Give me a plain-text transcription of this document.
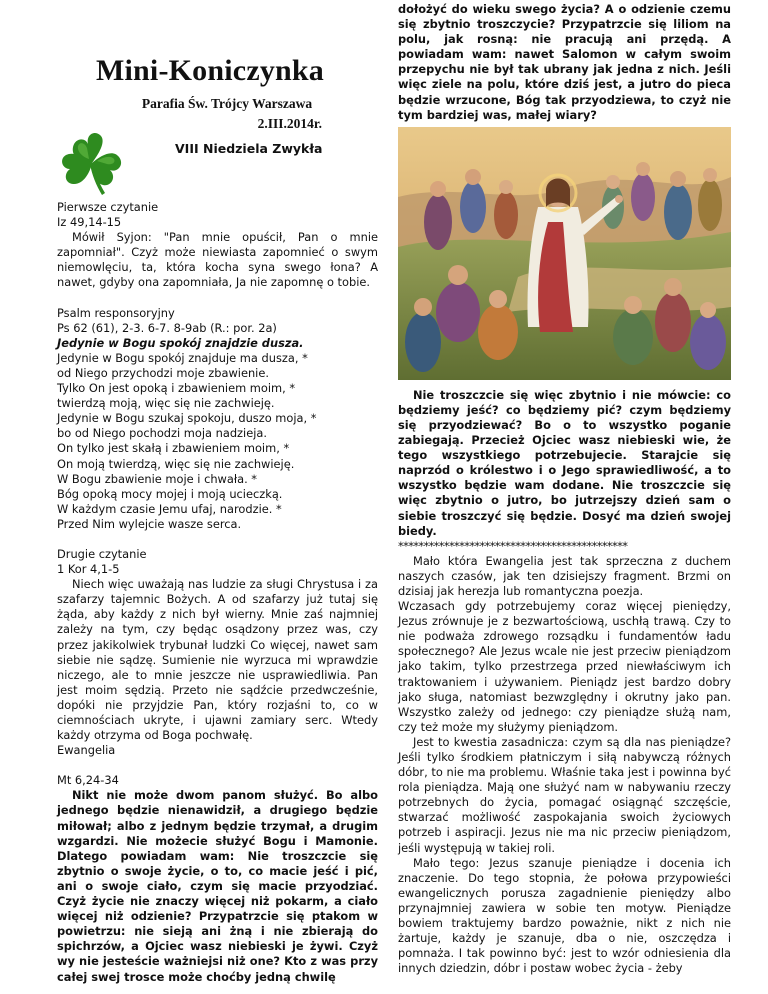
Mini-Koniczynka
Parafia Św. Trójcy Warszawa
2.III.2014r.
VIII Niedziela Zwykła

Pierwsze czytanie

Iz 49,14-15

Mówił Syjon: "Pan mnie opuścił, Pan o mnie zapomniał". Czyż może niewiasta zapomnieć o swym niemowlęciu, ta, która kocha syna swego łona? A nawet, gdyby ona zapomniała, Ja nie zapomnę o tobie.

Psalm responsoryjny

Ps 62 (61), 2-3. 6-7. 8-9ab (R.: por. 2a)

Jedynie w Bogu spokój znajdzie dusza.

Jedynie w Bogu spokój znajduje ma dusza, *

od Niego przychodzi moje zbawienie.

Tylko On jest opoką i zbawieniem moim, *

twierdzą moją, więc się nie zachwieję.

Jedynie w Bogu szukaj spokoju, duszo moja, *

bo od Niego pochodzi moja nadzieja.

On tylko jest skałą i zbawieniem moim, *

On moją twierdzą, więc się nie zachwieję.

W Bogu zbawienie moje i chwała. *

Bóg opoką mocy mojej i moją ucieczką.

W każdym czasie Jemu ufaj, narodzie. *

Przed Nim wylejcie wasze serca.

Drugie czytanie

1 Kor 4,1-5

Niech więc uważają nas ludzie za sługi Chrystusa i za szafarzy tajemnic Bożych. A od szafarzy już tutaj się żąda, aby każdy z nich był wierny. Mnie zaś najmniej zależy na tym, czy będąc osądzony przez was, czy przez jakikolwiek trybunał ludzki Co więcej, nawet sam siebie nie sądzę. Sumienie nie wyrzuca mi wprawdzie niczego, ale to mnie jeszcze nie usprawiedliwia. Pan jest moim sędzią. Przeto nie sądźcie przedwcześnie, dopóki nie przyjdzie Pan, który rozjaśni to, co w ciemnościach ukryte, i ujawni zamiary serc. Wtedy każdy otrzyma od Boga pochwałę.

Ewangelia

Mt 6,24-34

Nikt nie może dwom panom służyć. Bo albo jednego będzie nienawidził, a drugiego będzie miłował; albo z jednym będzie trzymał, a drugim wzgardzi. Nie możecie służyć Bogu i Mamonie. Dlatego powiadam wam: Nie troszczcie się zbytnio o swoje życie, o to, co macie jeść i pić, ani o swoje ciało, czym się macie przyodziać. Czyż życie nie znaczy więcej niż pokarm, a ciało więcej niż odzienie? Przypatrzcie się ptakom w powietrzu: nie sieją ani żną i nie zbierają do spichrzów, a Ojciec wasz niebieski je żywi. Czyż wy nie jesteście ważniejsi niż one? Kto z was przy całej swej trosce może choćby jedną chwilę

dołożyć do wieku swego życia? A o odzienie czemu się zbytnio troszczycie? Przypatrzcie się liliom na polu, jak rosną: nie pracują ani przędą. A powiadam wam: nawet Salomon w całym swoim przepychu nie był tak ubrany jak jedna z nich. Jeśli więc ziele na polu, które dziś jest, a jutro do pieca będzie wrzucone, Bóg tak przyodziewa, to czyż nie tym bardziej was, małej wiary?

Nie troszczcie się więc zbytnio i nie mówcie: co będziemy jeść? co będziemy pić? czym będziemy się przyodziewać? Bo o to wszystko poganie zabiegają. Przecież Ojciec wasz niebieski wie, że tego wszystkiego potrzebujecie. Starajcie się naprzód o królestwo i o Jego sprawiedliwość, a to wszystko będzie wam dodane. Nie troszczcie się więc zbytnio o jutro, bo jutrzejszy dzień sam o siebie troszczyć się będzie. Dosyć ma dzień swojej biedy.

*********************************************

Mało która Ewangelia jest tak sprzeczna z duchem naszych czasów, jak ten dzisiejszy fragment. Brzmi on dzisiaj jak herezja lub romantyczna poezja.

Wczasach gdy potrzebujemy coraz więcej pieniędzy, Jezus zrównuje je z bezwartościową, uschłą trawą. Czy to nie podważa zdrowego rozsądku i fundamentów ładu społecznego? Ale Jezus wcale nie jest przeciw pieniądzom jako takim, tylko przestrzega przed niewłaściwym ich traktowaniem i używaniem. Pieniądz jest bardzo dobry jako sługa, natomiast bezwzględny i okrutny jako pan. Wszystko zależy od jednego: czy pieniądze służą nam, czy też może my służymy pieniądzom.

Jest to kwestia zasadnicza: czym są dla nas pieniądze? Jeśli tylko środkiem płatniczym i siłą nabywczą różnych dóbr, to nie ma problemu. Właśnie taka jest i powinna być rola pieniądza. Mają one służyć nam w nabywaniu rzeczy potrzebnych do życia, pomagać osiągnąć szczęście, stwarzać możliwość zaspokajania swoich życiowych potrzeb i aspiracji. Jezus nie ma nic przeciw pieniądzom, jeśli występują w takiej roli.

Mało tego: Jezus szanuje pieniądze i docenia ich znaczenie. Do tego stopnia, że połowa przypowieści ewangelicznych porusza zagadnienie pieniędzy albo przynajmniej zawiera w sobie ten motyw. Pieniądze bowiem traktujemy bardzo poważnie, nikt z nich nie żartuje, każdy je szanuje, dba o nie, oszczędza i pomnaża. I tak powinno być: jest to wzór odniesienia dla innych dziedzin, dóbr i postaw wobec życia - żeby
